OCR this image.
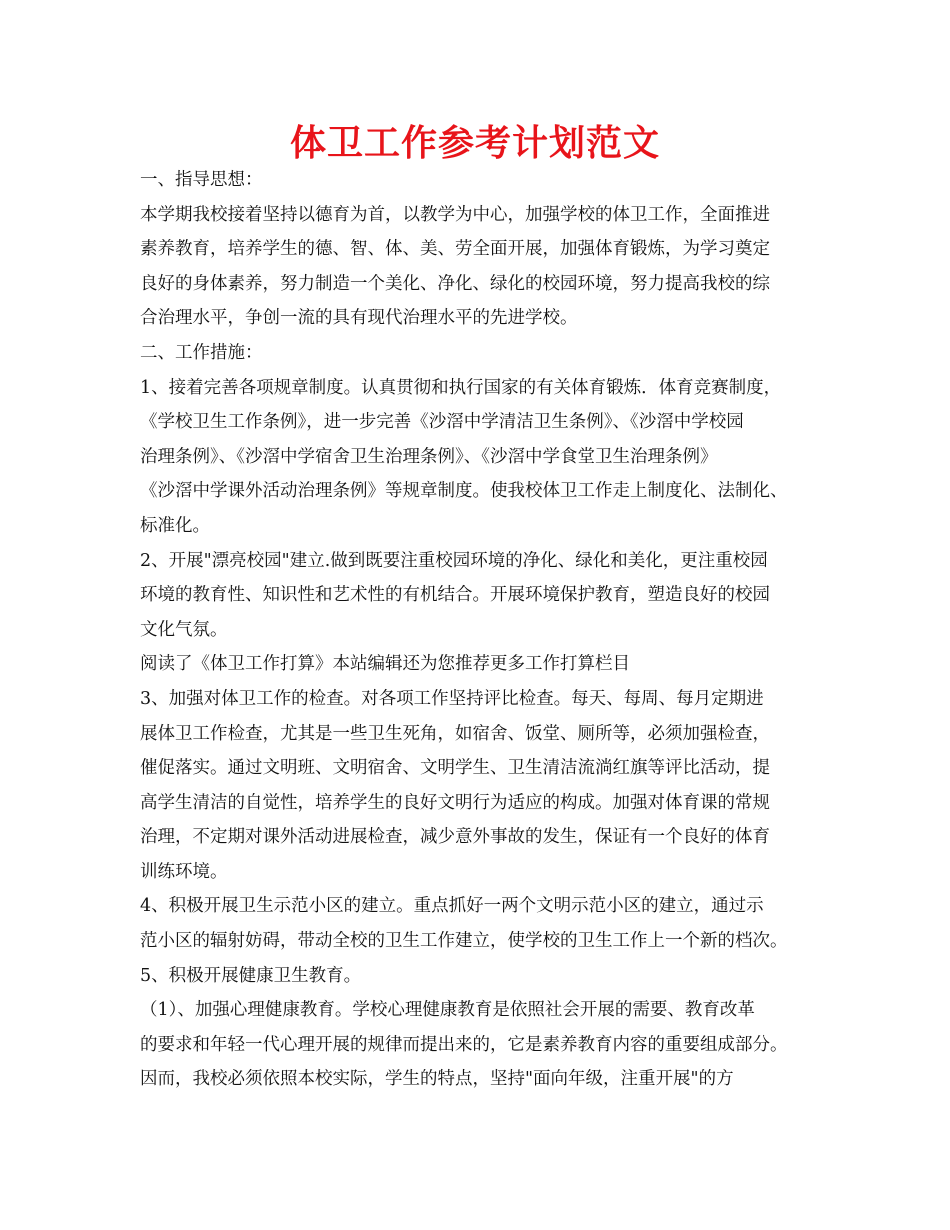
体卫工作参考计划范文
一、指导思想：
本学期我校接着坚持以德育为首，以教学为中心，加强学校的体卫工作，全面推进
素养教育，培养学生的德、智、体、美、劳全面开展，加强体育锻炼，为学习奠定
良好的身体素养，努力制造一个美化、净化、绿化的校园环境，努力提高我校的综
合治理水平，争创一流的具有现代治理水平的先进学校。
二、工作措施：
1、接着完善各项规章制度。认真贯彻和执行国家的有关体育锻炼．体育竞赛制度，
《学校卫生工作条例》，进一步完善《沙滘中学清洁卫生条例》、《沙滘中学校园
治理条例》、《沙滘中学宿舍卫生治理条例》、《沙滘中学食堂卫生治理条例》
《沙滘中学课外活动治理条例》等规章制度。使我校体卫工作走上制度化、法制化、
标准化。
2、开展"漂亮校园"建立.做到既要注重校园环境的净化、绿化和美化，更注重校园
环境的教育性、知识性和艺术性的有机结合。开展环境保护教育，塑造良好的校园
文化气氛。
阅读了《体卫工作打算》本站编辑还为您推荐更多工作打算栏目
3、加强对体卫工作的检查。对各项工作坚持评比检查。每天、每周、每月定期进
展体卫工作检查，尤其是一些卫生死角，如宿舍、饭堂、厕所等，必须加强检查，
催促落实。通过文明班、文明宿舍、文明学生、卫生清洁流淌红旗等评比活动，提
高学生清洁的自觉性，培养学生的良好文明行为适应的构成。加强对体育课的常规
治理，不定期对课外活动进展检查，减少意外事故的发生，保证有一个良好的体育
训练环境。
4、积极开展卫生示范小区的建立。重点抓好一两个文明示范小区的建立，通过示
范小区的辐射妨碍，带动全校的卫生工作建立，使学校的卫生工作上一个新的档次。
5、积极开展健康卫生教育。
（1）、加强心理健康教育。学校心理健康教育是依照社会开展的需要、教育改革
的要求和年轻一代心理开展的规律而提出来的，它是素养教育内容的重要组成部分。
因而，我校必须依照本校实际，学生的特点，坚持"面向年级，注重开展"的方
